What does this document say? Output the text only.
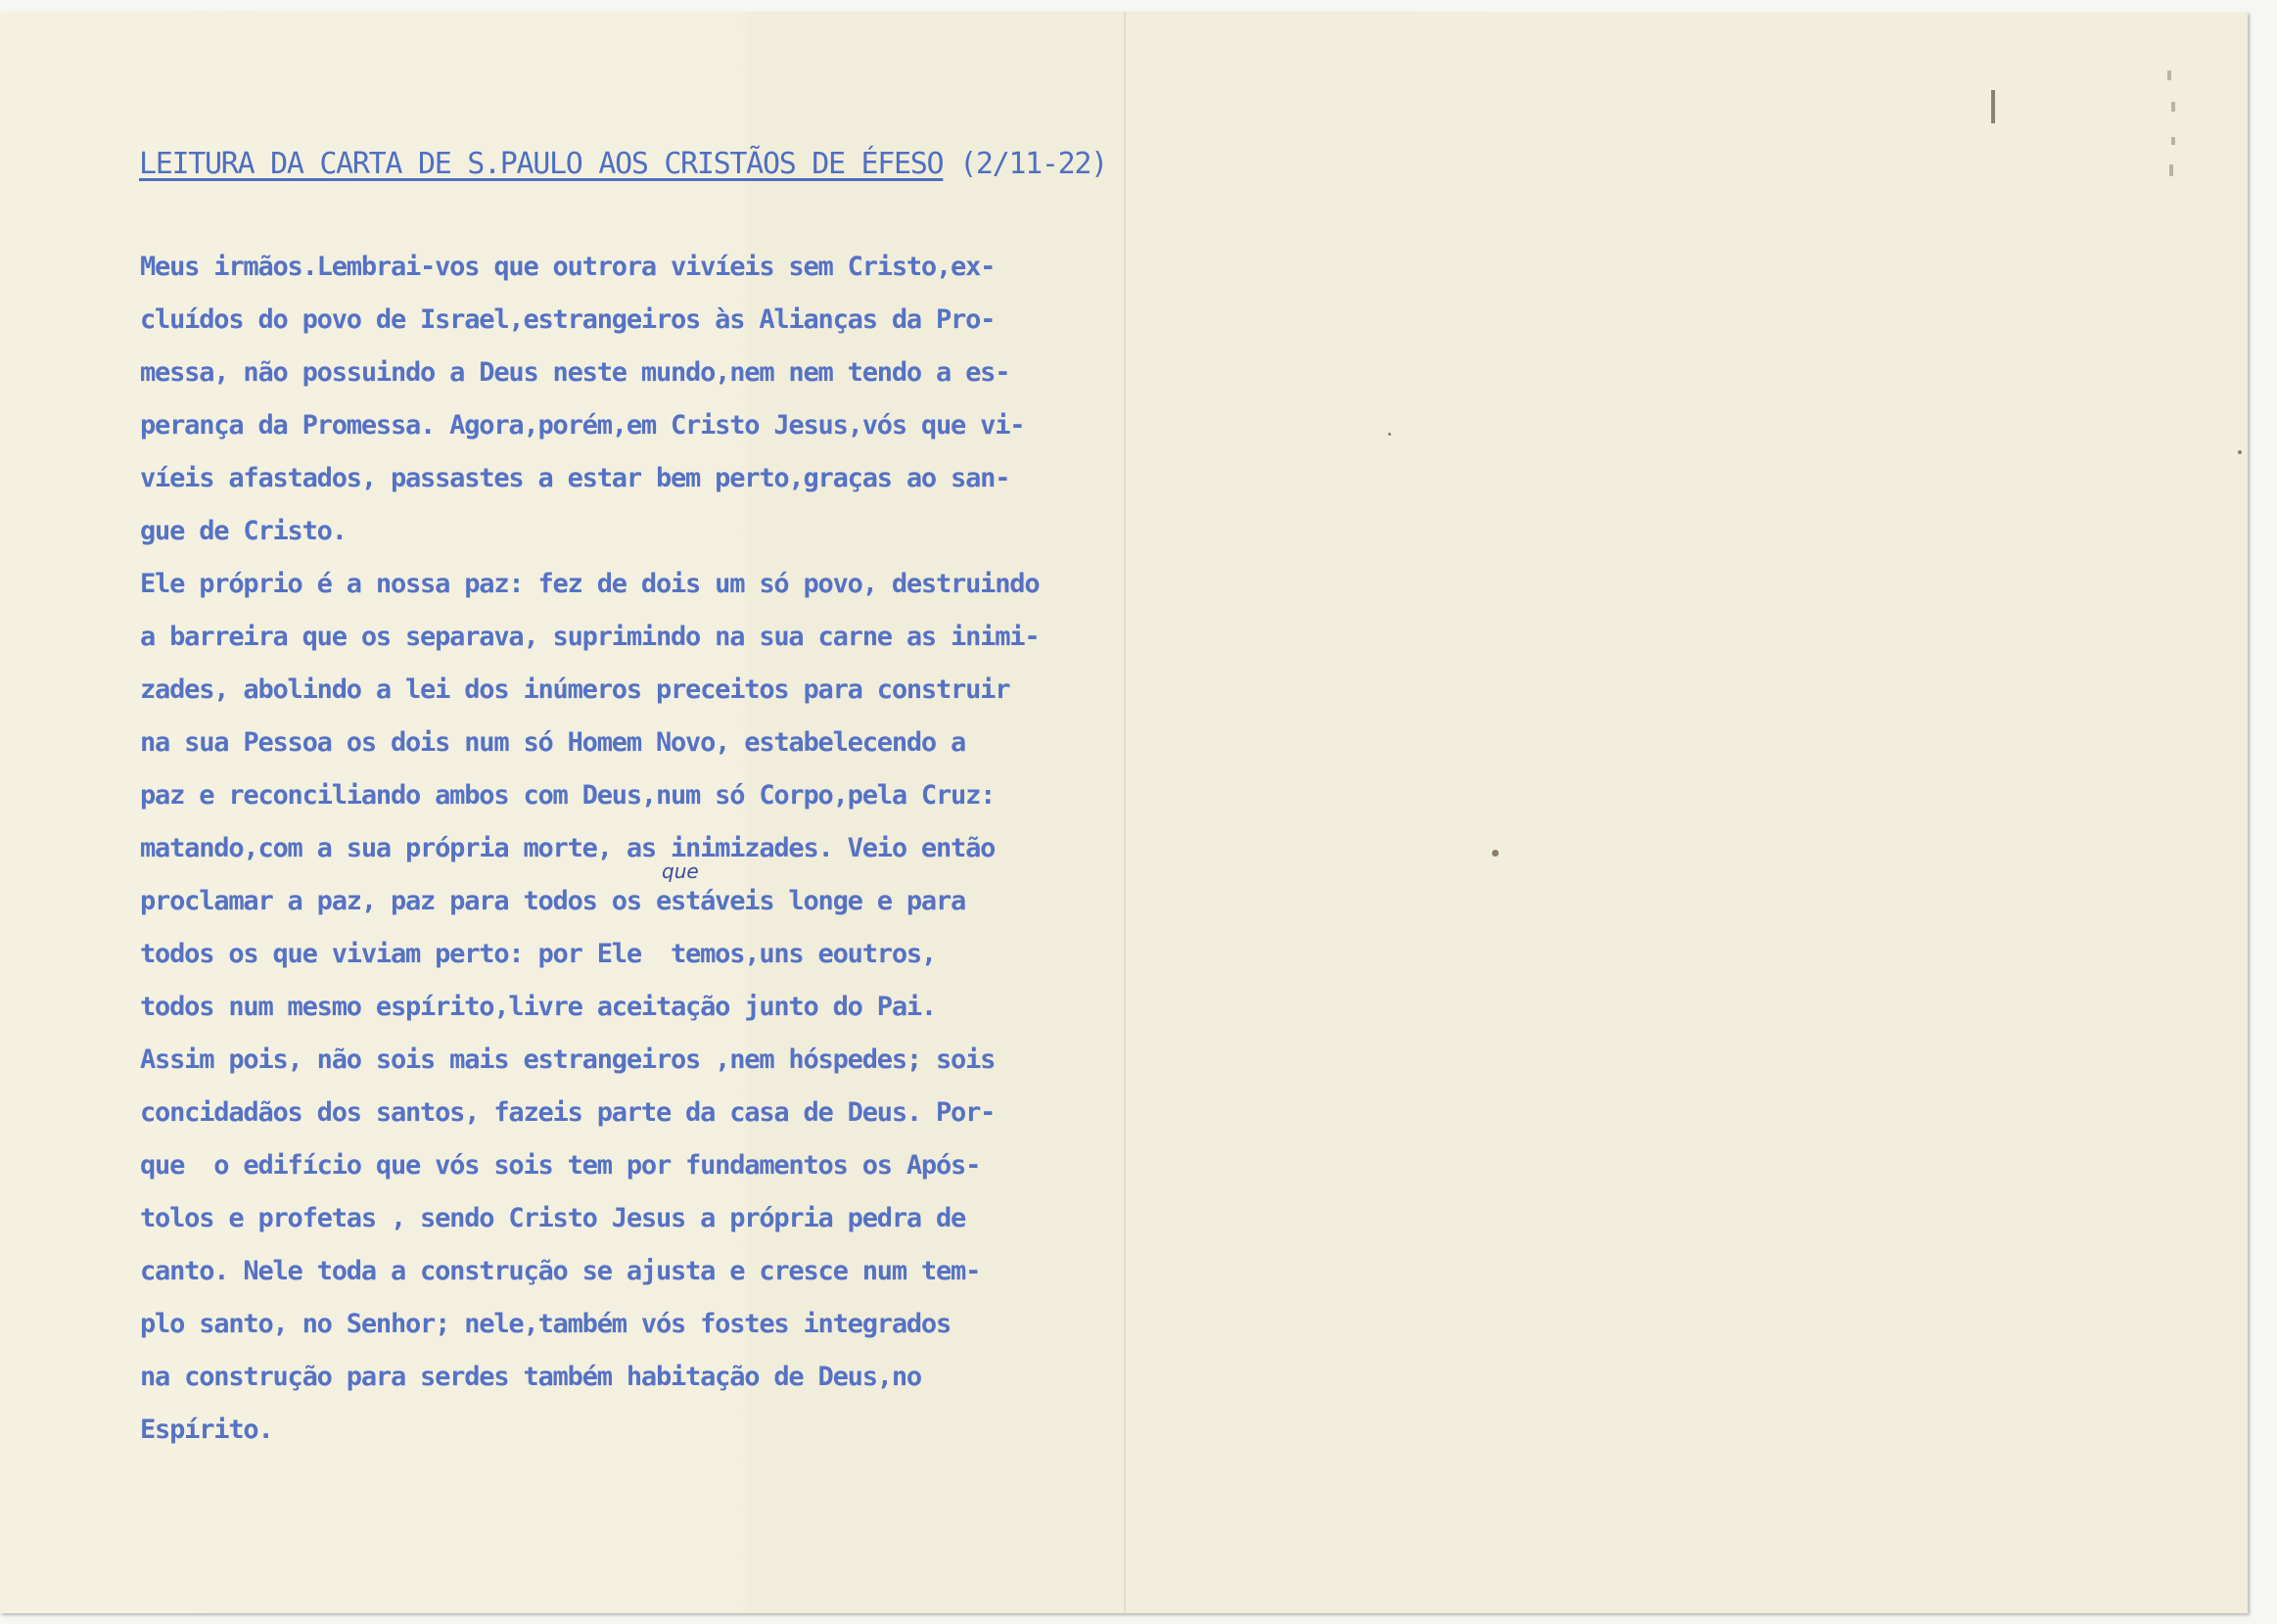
LEITURA DA CARTA DE S.PAULO AOS CRISTÃOS DE ÉFESO (2/11-22)
Meus irmãos.Lembrai-vos que outrora vivíeis sem Cristo,ex-
cluídos do povo de Israel,estrangeiros às Alianças da Pro-
messa, não possuindo a Deus neste mundo,nem nem tendo a es-
perança da Promessa. Agora,porém,em Cristo Jesus,vós que vi-
víeis afastados, passastes a estar bem perto,graças ao san-
gue de Cristo.
Ele próprio é a nossa paz: fez de dois um só povo, destruindo
a barreira que os separava, suprimindo na sua carne as inimi-
zades, abolindo a lei dos inúmeros preceitos para construir
na sua Pessoa os dois num só Homem Novo, estabelecendo a
paz e reconciliando ambos com Deus,num só Corpo,pela Cruz:
matando,com a sua própria morte, as inimizades. Veio então
proclamar a paz, paz para todos os estáveis longe e para
todos os que viviam perto: por Ele  temos,uns eoutros,
todos num mesmo espírito,livre aceitação junto do Pai.
Assim pois, não sois mais estrangeiros ,nem hóspedes; sois
concidadãos dos santos, fazeis parte da casa de Deus. Por-
que  o edifício que vós sois tem por fundamentos os Após-
tolos e profetas , sendo Cristo Jesus a própria pedra de
canto. Nele toda a construção se ajusta e cresce num tem-
plo santo, no Senhor; nele,também vós fostes integrados
na construção para serdes também habitação de Deus,no
Espírito.
que
